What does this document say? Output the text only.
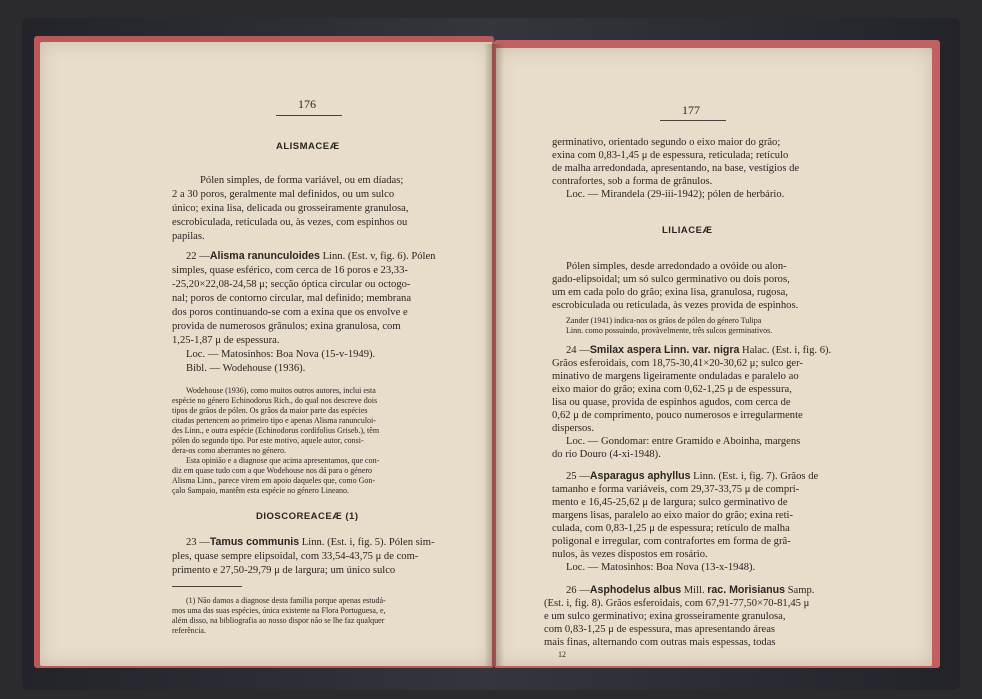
176
ALISMACEÆ
Pólen simples, de forma variável, ou em díadas;
2 a 30 poros, geralmente mal definidos, ou um sulco
único; exina lisa, delicada ou grosseiramente granulosa,
escrobiculada, reticulada ou, às vezes, com espinhos ou
papilas.
22 —Alisma ranunculoides Linn. (Est. v, fig. 6). Pólen
simples, quase esférico, com cerca de 16 poros e 23,33-
-25,20×22,08-24,58 μ; secção óptica circular ou octogo-
nal; poros de contorno circular, mal definido; membrana
dos poros continuando-se com a exina que os envolve e
provida de numerosos grânulos; exina granulosa, com
1,25-1,87 μ de espessura.
Loc. — Matosinhos: Boa Nova (15-v-1949).
Bibl. — Wodehouse (1936).
Wodehouse (1936), como muitos outros autores, inclui esta
espécie no género Echinodorus Rich., do qual nos descreve dois
tipos de grãos de pólen. Os grãos da maior parte das espécies
citadas pertencem ao primeiro tipo e apenas Alisma ranunculoi-
des Linn., e outra espécie (Echinodorus cordifolius Griseb.), têm
pólen do segundo tipo. Por este motivo, aquele autor, consi-
dera-os como aberrantes no género.
Esta opinião e a diagnose que acima apresentamos, que con-
diz em quase tudo com a que Wodehouse nos dá para o género
Alisma Linn., parece virem em apoio daqueles que, como Gon-
çalo Sampaio, mantêm esta espécie no género Lineano.
DIOSCOREACEÆ (1)
23 —Tamus communis Linn. (Est. i, fig. 5). Pólen sim-
ples, quase sempre elipsoidal, com 33,54-43,75 μ de com-
primento e 27,50-29,79 μ de largura; um único sulco
(1) Não damos a diagnose desta família porque apenas estudá-
mos uma das suas espécies, única existente na Flora Portuguesa, e,
além disso, na bibliografia ao nosso dispor não se lhe faz qualquer
referência.
177
germinativo, orientado segundo o eixo maior do grão;
exina com 0,83-1,45 μ de espessura, reticulada; retículo
de malha arredondada, apresentando, na base, vestígios de
contrafortes, sob a forma de grânulos.
Loc. — Mirandela (29-iii-1942); pólen de herbário.
LILIACEÆ
Pólen simples, desde arredondado a ovóide ou alon-
gado-elipsoidal; um só sulco germinativo ou dois poros,
um em cada polo do grão; exina lisa, granulosa, rugosa,
escrobiculada ou reticulada, às vezes provida de espinhos.
Zander (1941) indica-nos os grãos de pólen do género Tulipa
Linn. como possuindo, provàvelmente, três sulcos germinativos.
24 —Smilax aspera Linn. var. nigra Halac. (Est. i, fig. 6).
Grãos esferoidais, com 18,75-30,41×20-30,62 μ; sulco ger-
minativo de margens ligeiramente onduladas e paralelo ao
eixo maior do grão; exina com 0,62-1,25 μ de espessura,
lisa ou quase, provida de espinhos agudos, com cerca de
0,62 μ de comprimento, pouco numerosos e irregularmente
dispersos.
Loc. — Gondomar: entre Gramido e Aboinha, margens
do rio Douro (4-xi-1948).
25 —Asparagus aphyllus Linn. (Est. i, fig. 7). Grãos de
tamanho e forma variáveis, com 29,37-33,75 μ de compri-
mento e 16,45-25,62 μ de largura; sulco germinativo de
margens lisas, paralelo ao eixo maior do grão; exina reti-
culada, com 0,83-1,25 μ de espessura; retículo de malha
poligonal e irregular, com contrafortes em forma de grâ-
nulos, às vezes dispostos em rosário.
Loc. — Matosinhos: Boa Nova (13-x-1948).
26 —Asphodelus albus Mill. rac. Morisianus Samp.
(Est. i, fig. 8). Grãos esferoidais, com 67,91-77,50×70-81,45 μ
e um sulco germinativo; exina grosseiramente granulosa,
com 0,83-1,25 μ de espessura, mas apresentando áreas
mais finas, alternando com outras mais espessas, todas
12
